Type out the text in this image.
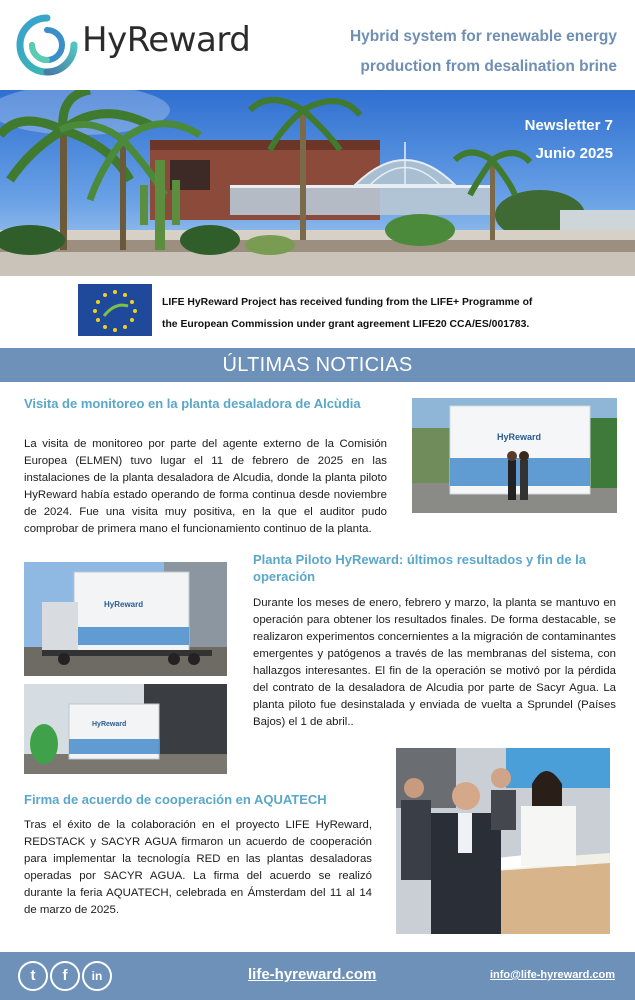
HyReward	Hybrid system for renewable energy
production from desalination brine
Newsletter 7
Junio 2025
LIFE HyReward Project has received funding from the LIFE+ Programme of
the European Commission under grant agreement LIFE20 CCA/ES/001783.
ÚLTIMAS NOTICIAS
Visita de monitoreo en la planta desaladora de Alcùdia
La visita de monitoreo por parte del agente externo de la Comisión Europea (ELMEN) tuvo lugar el 11 de febrero de 2025 en las instalaciones de la planta desaladora de Alcudia, donde la planta piloto HyReward había estado operando de forma continua desde noviembre de 2024. Fue una visita muy positiva, en la que el auditor pudo comprobar de primera mano el funcionamiento continuo de la planta.
HyReward
HyReward
HyReward
Planta Piloto HyReward: últimos resultados y fin de la operación
Durante los meses de enero, febrero y marzo, la planta se mantuvo en operación para obtener los resultados finales. De forma destacable, se realizaron experimentos concernientes a la migración de contaminantes emergentes y patógenos a través de las membranas del sistema, con hallazgos interesantes. El fin de la operación se motivó por la pérdida del contrato de la desaladora de Alcudia por parte de Sacyr Agua. La planta piloto fue desinstalada y enviada de vuelta a Sprundel (Países Bajos) el 1 de abril..
Firma de acuerdo de cooperación en AQUATECH
Tras el éxito de la colaboración en el proyecto LIFE HyReward, REDSTACK y SACYR AGUA firmaron un acuerdo de cooperación para implementar la tecnología RED en las plantas desaladoras operadas por SACYR AGUA. La firma del acuerdo se realizó durante la feria AQUATECH, celebrada en Ámsterdam del 11 al 14 de marzo de 2025.
t	f	in	life-hyreward.com	info@life-hyreward.com
